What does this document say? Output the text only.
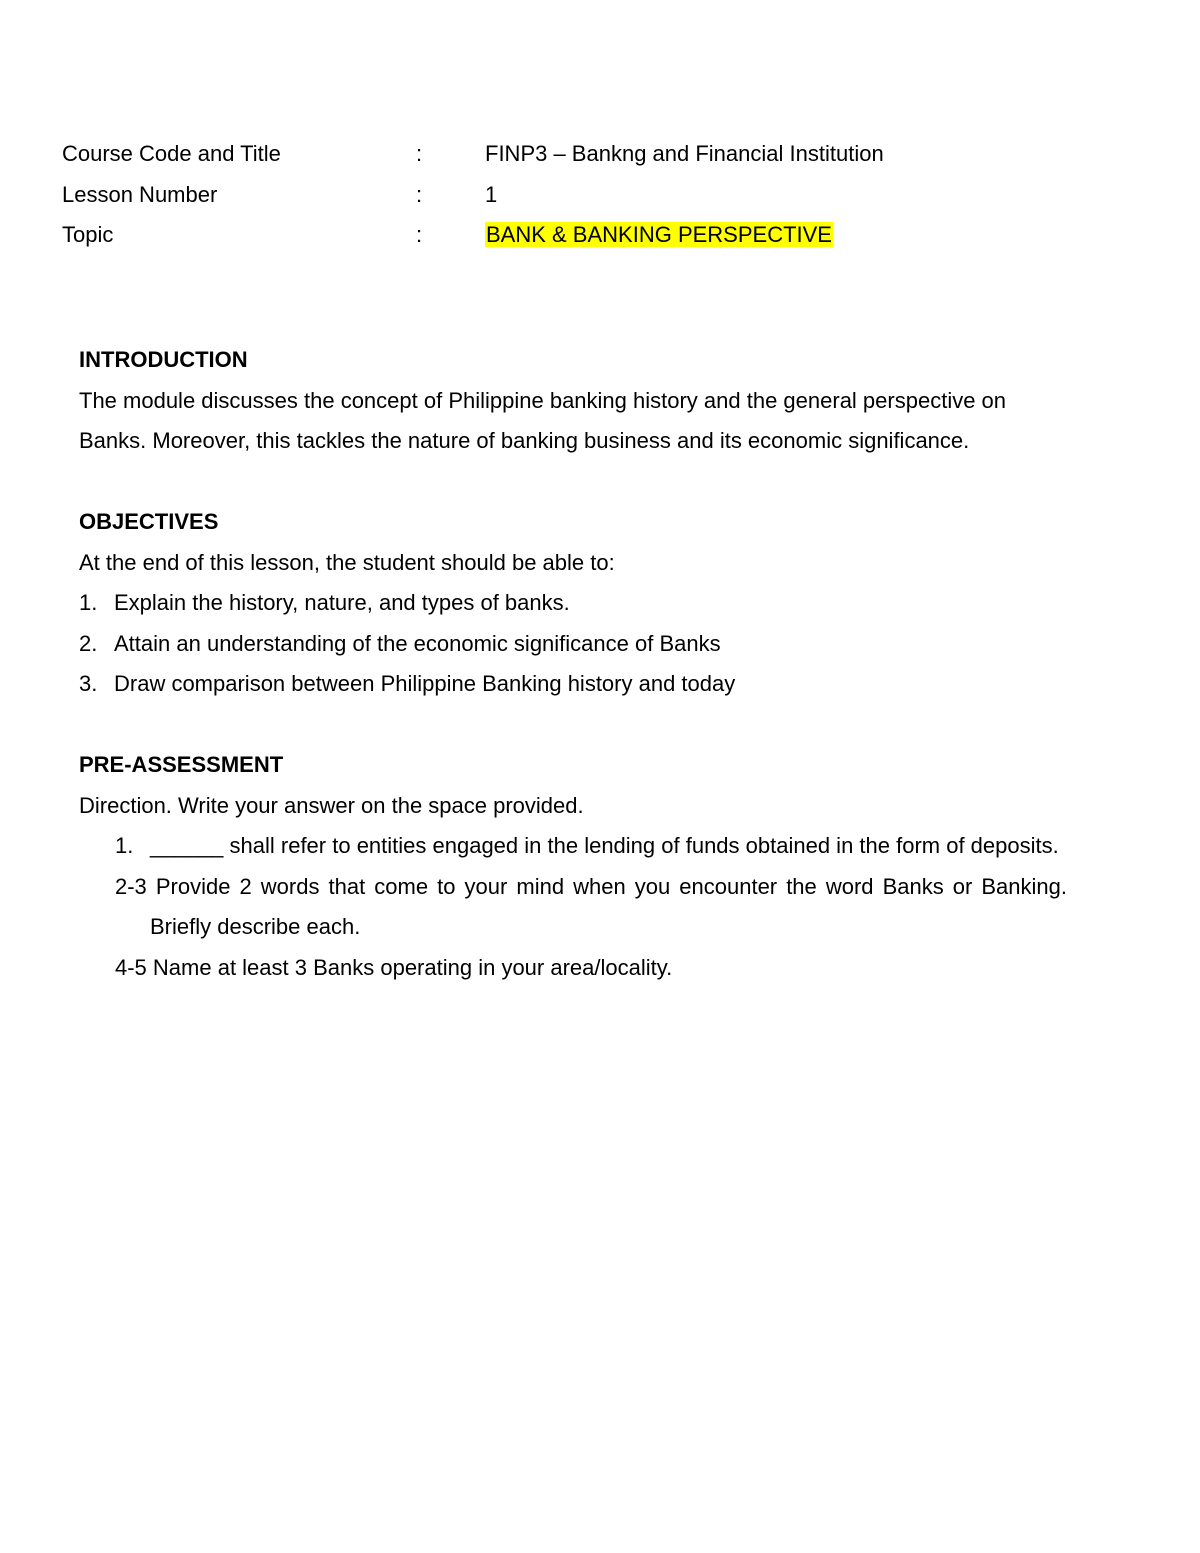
Course Code and Title	:	FINP3 – Bankng and Financial Institution
Lesson Number	:	1
Topic	:	BANK & BANKING PERSPECTIVE

INTRODUCTION

The module discusses the concept of Philippine banking history and the general perspective on Banks. Moreover, this tackles the nature of banking business and its economic significance.

OBJECTIVES

At the end of this lesson, the student should be able to:

1. Explain the history, nature, and types of banks.
2. Attain an understanding of the economic significance of Banks
3. Draw comparison between Philippine Banking history and today

PRE-ASSESSMENT

Direction. Write your answer on the space provided.

1. ______ shall refer to entities engaged in the lending of funds obtained in the form of deposits.
2-3 Provide 2 words that come to your mind when you encounter the word Banks or Banking. Briefly describe each.
4-5 Name at least 3 Banks operating in your area/locality.
